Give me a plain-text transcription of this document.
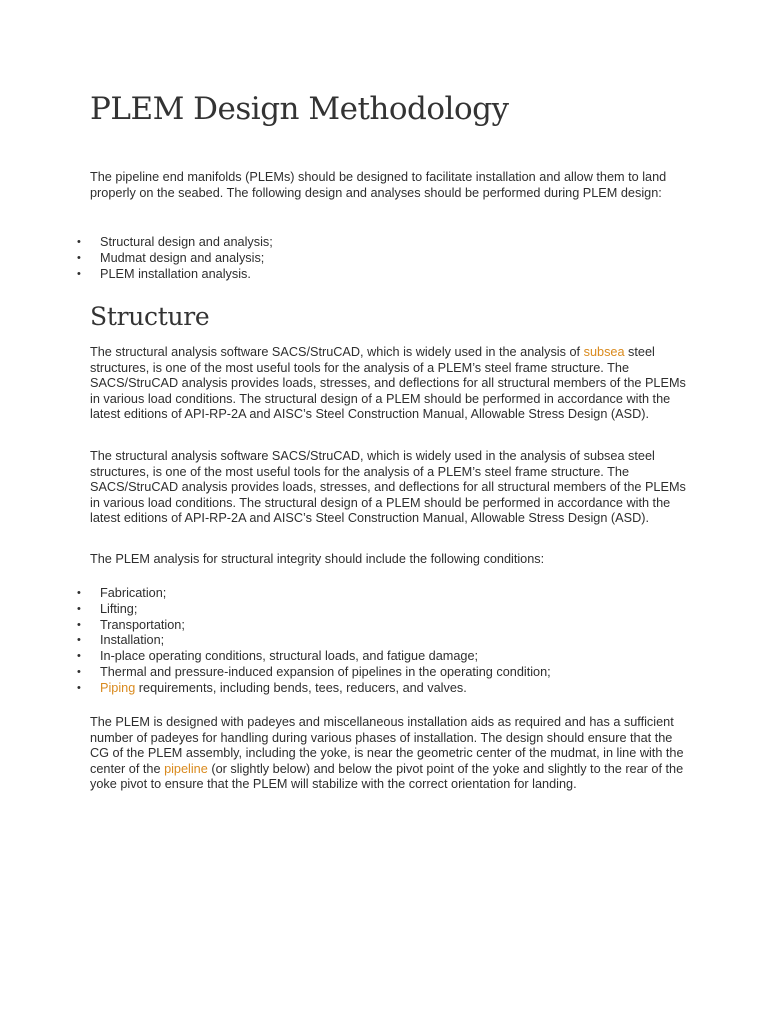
PLEM Design Methodology

The pipeline end manifolds (PLEMs) should be designed to facilitate installation and allow them to land properly on the seabed. The following design and analyses should be performed during PLEM design:

• Structural design and analysis;
• Mudmat design and analysis;
• PLEM installation analysis.
Structure

The structural analysis software SACS/StruCAD, which is widely used in the analysis of subsea steel structures, is one of the most useful tools for the analysis of a PLEM’s steel frame structure. The SACS/StruCAD analysis provides loads, stresses, and deflections for all structural members of the PLEMs in various load conditions. The structural design of a PLEM should be performed in accordance with the latest editions of API-RP-2A and AISC’s Steel Construction Manual, Allowable Stress Design (ASD).

The structural analysis software SACS/StruCAD, which is widely used in the analysis of subsea steel structures, is one of the most useful tools for the analysis of a PLEM’s steel frame structure. The SACS/StruCAD analysis provides loads, stresses, and deflections for all structural members of the PLEMs in various load conditions. The structural design of a PLEM should be performed in accordance with the latest editions of API-RP-2A and AISC’s Steel Construction Manual, Allowable Stress Design (ASD).

The PLEM analysis for structural integrity should include the following conditions:

• Fabrication;
• Lifting;
• Transportation;
• Installation;
• In-place operating conditions, structural loads, and fatigue damage;
• Thermal and pressure-induced expansion of pipelines in the operating condition;
• Piping requirements, including bends, tees, reducers, and valves.

The PLEM is designed with padeyes and miscellaneous installation aids as required and has a sufficient number of padeyes for handling during various phases of installation. The design should ensure that the CG of the PLEM assembly, including the yoke, is near the geometric center of the mudmat, in line with the center of the pipeline (or slightly below) and below the pivot point of the yoke and slightly to the rear of the yoke pivot to ensure that the PLEM will stabilize with the correct orientation for landing.
